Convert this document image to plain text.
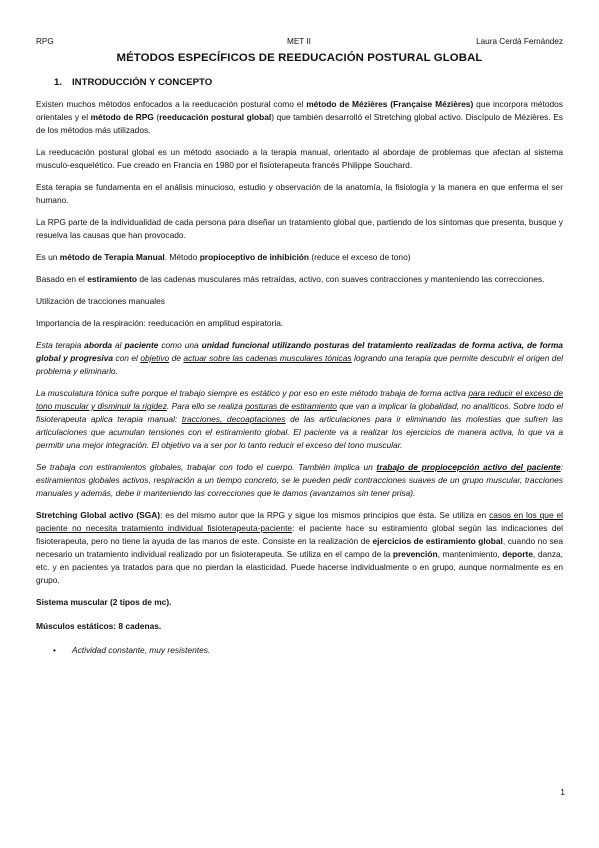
RPG	MET II	Laura Cerdá Fernández
MÉTODOS ESPECÍFICOS DE REEDUCACIÓN POSTURAL GLOBAL
1. INTRODUCCIÓN Y CONCEPTO

Existen muchos métodos enfocados a la reeducación postural como el método de Mézières (Française Mézières) que incorpora métodos orientales y el método de RPG (reeducación postural global) que también desarrolló el Stretching global activo. Discípulo de Mézières. Es de los métodos más utilizados.

La reeducación postural global es un método asociado a la terapia manual, orientado al abordaje de problemas que afectan al sistema musculo-esquelético. Fue creado en Francia en 1980 por el fisioterapeuta francés Philippe Souchard.

Esta terapia se fundamenta en el análisis minucioso, estudio y observación de la anatomía, la fisiología y la manera en que enferma el ser humano.

La RPG parte de la individualidad de cada persona para diseñar un tratamiento global que, partiendo de los síntomas que presenta, busque y resuelva las causas que han provocado.

Es un método de Terapia Manual. Método propioceptivo de inhibición (reduce el exceso de tono)

Basado en el estiramiento de las cadenas musculares más retraídas, activo, con suaves contracciones y manteniendo las correcciones.

Utilización de tracciones manuales

Importancia de la respiración: reeducación en amplitud espiratoria.

Esta terapia aborda al paciente como una unidad funcional utilizando posturas del tratamiento realizadas de forma activa, de forma global y progresiva con el objetivo de actuar sobre las cadenas musculares tónicas logrando una terapia que permite descubrir el origen del problema y eliminarlo.

La musculatura tónica sufre porque el trabajo siempre es estático y por eso en este método trabaja de forma activa para reducir el exceso de tono muscular y disminuir la rigidez. Para ello se realiza posturas de estiramiento que van a implicar la globalidad, no analíticos. Sobre todo el fisioterapeuta aplica terapia manual: tracciones, decoaptaciones de las articulaciones para ir eliminando las molestias que sufren las articulaciones que acumulan tensiones con el estiramiento global. El paciente va a realizar los ejercicios de manera activa, lo que va a permitir una mejor integración. El objetivo va a ser por lo tanto reducir el exceso del tono muscular.

Se trabaja con estiramientos globales, trabajar con todo el cuerpo. También implica un trabajo de propiocepción activo del paciente: estiramientos globales activos, respiración a un tiempo concreto, se le pueden pedir contracciones suaves de un grupo muscular, tracciones manuales y además, debe ir manteniendo las correcciones que le damos (avanzamos sin tener prisa).

Stretching Global activo (SGA): es del mismo autor que la RPG y sigue los mismos principios que ésta. Se utiliza en casos en los que el paciente no necesita tratamiento individual fisioterapeuta-paciente: el paciente hace su estiramiento global según las indicaciones del fisioterapeuta, pero no tiene la ayuda de las manos de este. Consiste en la realización de ejercicios de estiramiento global, cuando no sea necesario un tratamiento individual realizado por un fisioterapeuta. Se utiliza en el campo de la prevención, mantenimiento, deporte, danza, etc. y en pacientes ya tratados para que no pierdan la elasticidad. Puede hacerse individualmente o en grupo, aunque normalmente es en grupo.

Sistema muscular (2 tipos de mc).

Músculos estáticos: 8 cadenas.

• Actividad constante, muy resistentes.

1
